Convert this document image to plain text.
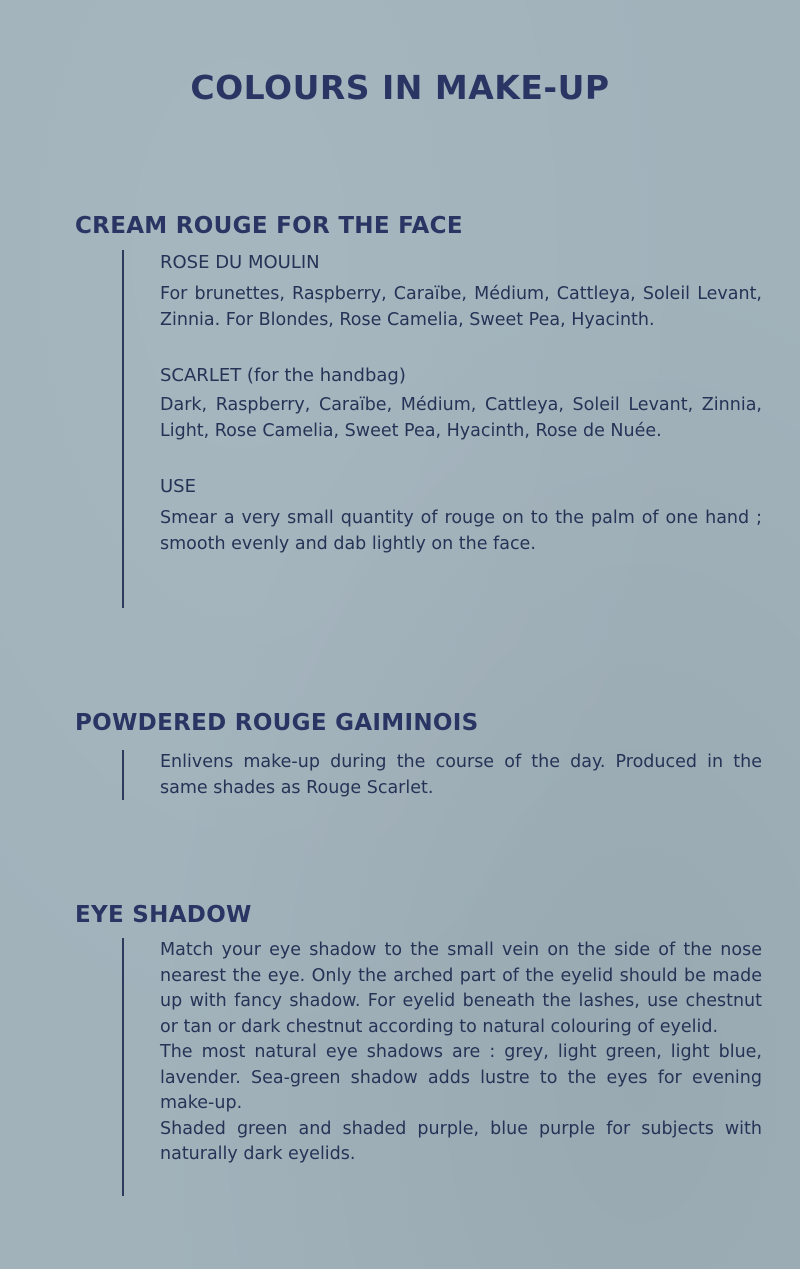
COLOURS IN MAKE-UP
CREAM ROUGE FOR THE FACE
ROSE DU MOULIN

For brunettes, Raspberry, Caraïbe, Médium, Cattleya, Soleil Levant, Zinnia. For Blondes, Rose Camelia, Sweet Pea, Hyacinth.

SCARLET (for the handbag)

Dark, Raspberry, Caraïbe, Médium, Cattleya, Soleil Levant, Zinnia, Light, Rose Camelia, Sweet Pea, Hyacinth, Rose de Nuée.

USE

Smear a very small quantity of rouge on to the palm of one hand ; smooth evenly and dab lightly on the face.

POWDERED ROUGE GAIMINOIS

Enlivens make-up during the course of the day. Produced in the same shades as Rouge Scarlet.

EYE SHADOW

Match your eye shadow to the small vein on the side of the nose nearest the eye. Only the arched part of the eyelid should be made up with fancy shadow. For eyelid beneath the lashes, use chestnut or tan or dark chestnut according to natural colouring of eyelid.

The most natural eye shadows are : grey, light green, light blue, lavender. Sea-green shadow adds lustre to the eyes for evening make-up.

Shaded green and shaded purple, blue purple for subjects with naturally dark eyelids.
